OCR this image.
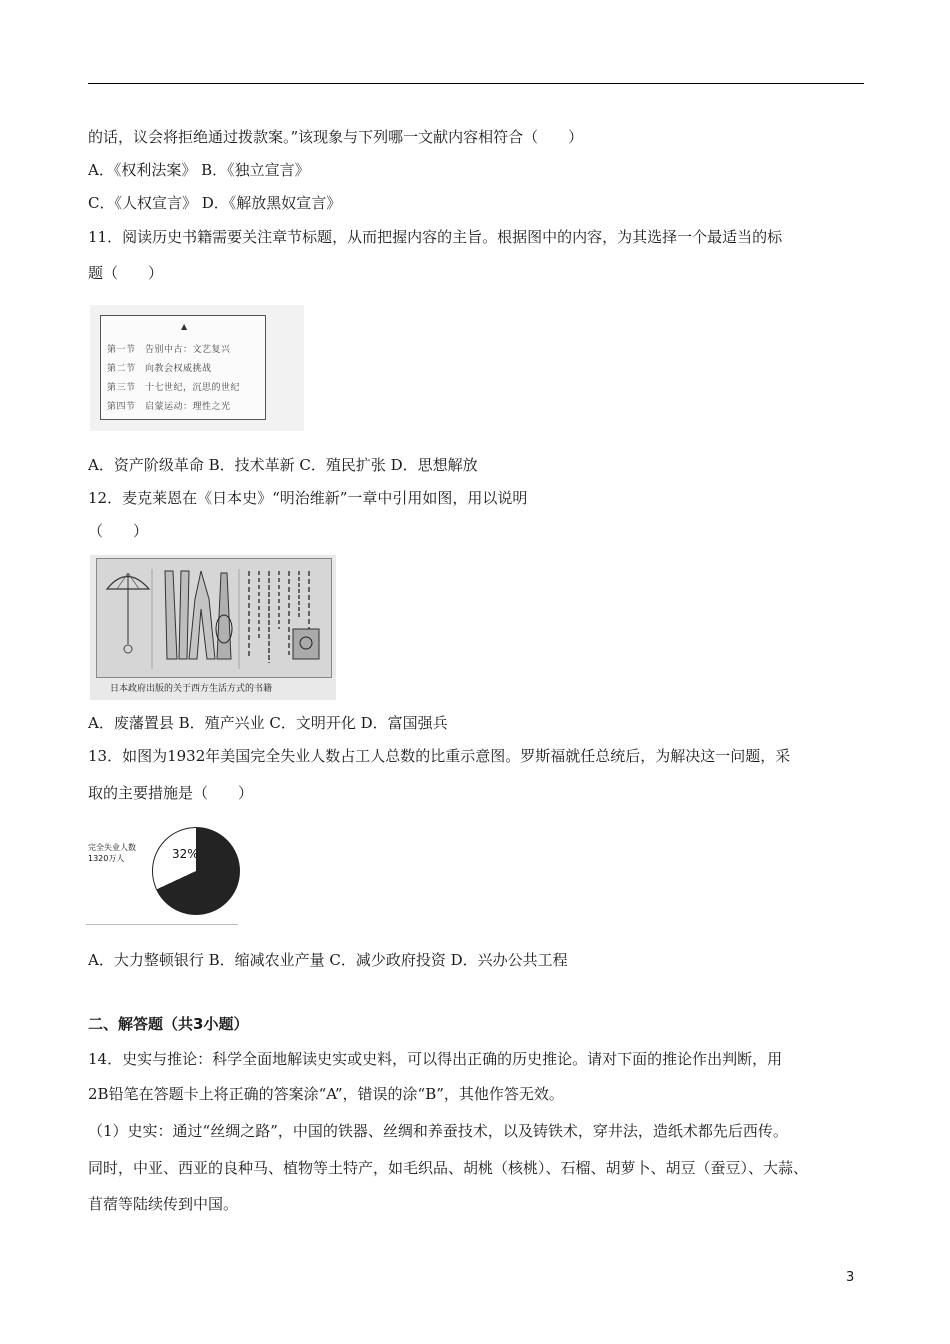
的话，议会将拒绝通过拨款案。”该现象与下列哪一文献内容相符合（　　）
A．《权利法案》 B．《独立宣言》
C．《人权宣言》 D．《解放黑奴宣言》
11．阅读历史书籍需要关注章节标题，从而把握内容的主旨。根据图中的内容，为其选择一个最适当的标
题（　　）
▲
第一节　告别中古：文艺复兴
第二节　向教会权威挑战
第三节　十七世纪，沉思的世纪
第四节　启蒙运动：理性之光
A．资产阶级革命 B．技术革新 C．殖民扩张 D．思想解放
12．麦克莱恩在《日本史》“明治维新”一章中引用如图，用以说明
（　　）
日本政府出版的关于西方生活方式的书籍
A．废藩置县 B．殖产兴业 C．文明开化 D．富国强兵
13．如图为1932年美国完全失业人数占工人总数的比重示意图。罗斯福就任总统后，为解决这一问题，采
取的主要措施是（　　）
完全失业人数
1320万人	32%
A．大力整顿银行 B．缩减农业产量 C．减少政府投资 D．兴办公共工程
二、解答题（共3小题）
14．史实与推论：科学全面地解读史实或史料，可以得出正确的历史推论。请对下面的推论作出判断，用
2B铅笔在答题卡上将正确的答案涂“A”，错误的涂“B”，其他作答无效。
（1）史实：通过“丝绸之路”，中国的铁器、丝绸和养蚕技术，以及铸铁术，穿井法，造纸术都先后西传。
同时，中亚、西亚的良种马、植物等土特产，如毛织品、胡桃（核桃）、石榴、胡萝卜、胡豆（蚕豆）、大蒜、
苜蓿等陆续传到中国。
3
